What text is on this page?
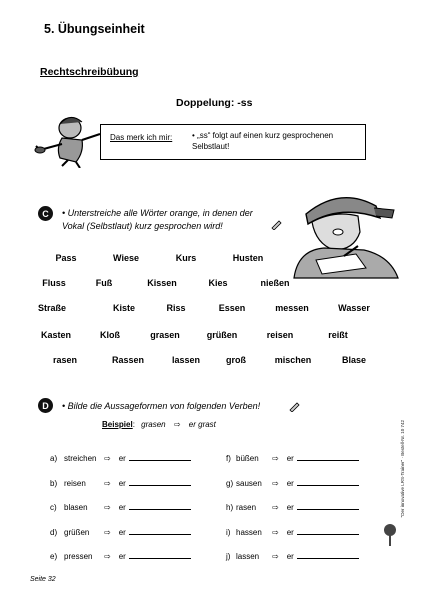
5. Übungseinheit
Rechtschreibübung
Doppelung: -ss
Das merk ich mir: • „ss“ folgt auf einen kurz gesprochenen Selbstlaut!
C	• Unterstreiche alle Wörter orange, in denen der Vokal (Selbstlaut) kurz gesprochen wird!
Pass	Wiese	Kurs	Husten
Fluss	Fuß	Kissen	Kies	nießen
Straße	Kiste	Riss	Essen	messen	Wasser
Kasten	Kloß	grasen	grüßen	reisen	reißt
rasen	Rassen	lassen	groß	mischen	Blase
D	• Bilde die Aussageformen von folgenden Verben!
Beispiel: grasen ⇨ er grast
a) streichen ⇨ er
b) reisen ⇨ er
c) blasen ⇨ er
d) grüßen ⇨ er
e) pressen ⇨ er
f) büßen ⇨ er
g) sausen ⇨ er
h) rasen ⇨ er
i) hassen ⇨ er
j) lassen ⇨ er
"Der innovative LRS-Trainer" · Bestell-Nr. 10 742
Seite 32
